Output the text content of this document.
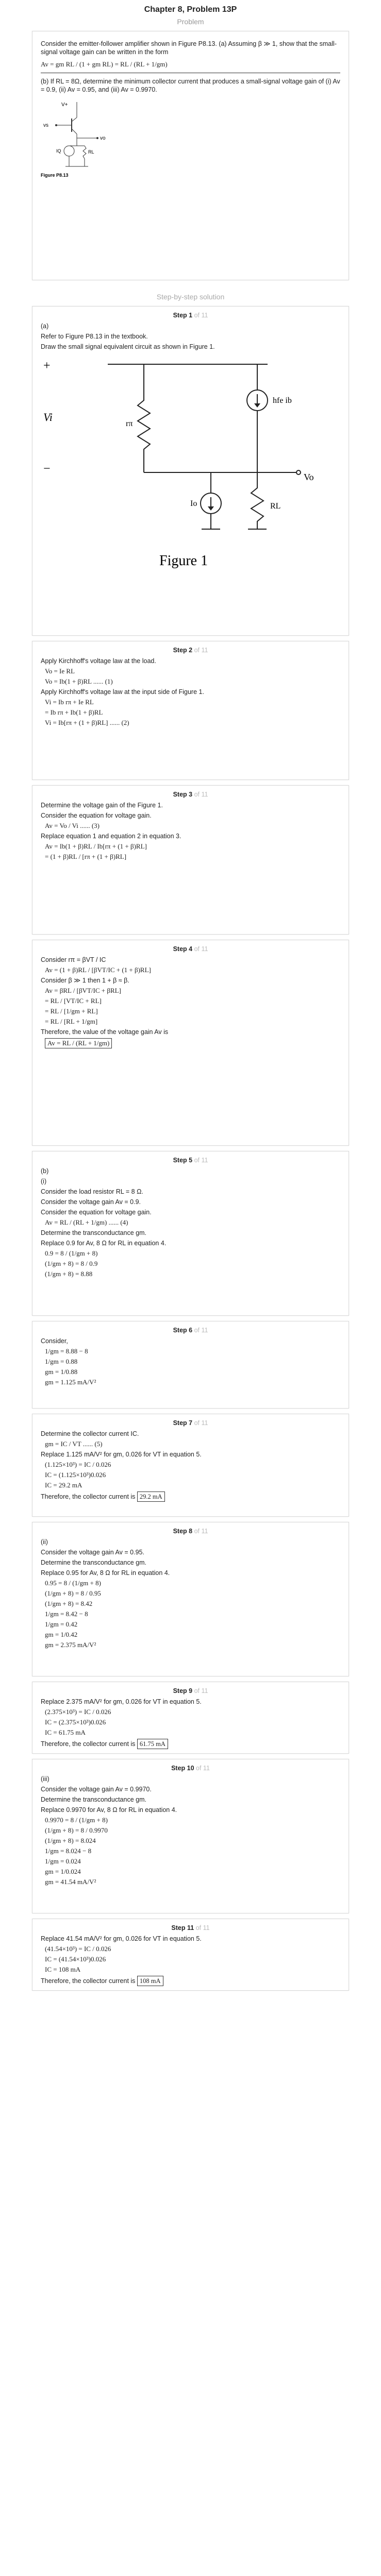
Chapter 8, Problem 13P
Problem
Consider the emitter-follower amplifier shown in Figure P8.13. (a) Assuming β ≫ 1, show that the small-signal voltage gain can be written in the form
Av = gm RL / (1 + gm RL) = RL / (RL + 1/gm)
(b) If RL = 8Ω, determine the minimum collector current that produces a small-signal voltage gain of (i) Av = 0.9, (ii) Av = 0.95, and (iii) Av = 0.9970.
V+
vs
vo
IQ	RL
Figure P8.13
Step-by-step solution
Step 1 of 11
(a)
Refer to Figure P8.13 in the textbook.
Draw the small signal equivalent circuit as shown in Figure 1.
+
Vi
−
rπ
hfe ib
Vo
Io	RL
Figure 1
Step 2 of 11
Apply Kirchhoff's voltage law at the load.
Vo = Ie RL
Vo = Ib(1 + β)RL ...... (1)
Apply Kirchhoff's voltage law at the input side of Figure 1.
Vi = Ib rπ + Ie RL
= Ib rπ + Ib(1 + β)RL
Vi = Ib[rπ + (1 + β)RL] ...... (2)
Step 3 of 11
Determine the voltage gain of the Figure 1.
Consider the equation for voltage gain.
Av = Vo / Vi ...... (3)
Replace equation 1 and equation 2 in equation 3.
Av = Ib(1 + β)RL / Ib[rπ + (1 + β)RL]
= (1 + β)RL / [rπ + (1 + β)RL]
Step 4 of 11
Consider rπ = βVT / IC
Av = (1 + β)RL / [βVT/IC + (1 + β)RL]
Consider β ≫ 1 then 1 + β ≈ β.
Av = βRL / [βVT/IC + βRL]
= RL / [VT/IC + RL]
= RL / [1/gm + RL]
= RL / [RL + 1/gm]
Therefore, the value of the voltage gain Av is
Av = RL / (RL + 1/gm)
Step 5 of 11
(b)
(i)
Consider the load resistor RL = 8 Ω.
Consider the voltage gain Av = 0.9.
Consider the equation for voltage gain.
Av = RL / (RL + 1/gm) ...... (4)
Determine the transconductance gm.
Replace 0.9 for Av, 8 Ω for RL in equation 4.
0.9 = 8 / (1/gm + 8)
(1/gm + 8) = 8 / 0.9
(1/gm + 8) = 8.88
Step 6 of 11
Consider,
1/gm = 8.88 − 8
1/gm = 0.88
gm = 1/0.88
gm = 1.125 mA/V²
Step 7 of 11
Determine the collector current IC.
gm = IC / VT ...... (5)
Replace 1.125 mA/V² for gm, 0.026 for VT in equation 5.
(1.125×10³) = IC / 0.026
IC = (1.125×10³)0.026
IC = 29.2 mA
Therefore, the collector current is 29.2 mA
Step 8 of 11
(ii)
Consider the voltage gain Av = 0.95.
Determine the transconductance gm.
Replace 0.95 for Av, 8 Ω for RL in equation 4.
0.95 = 8 / (1/gm + 8)
(1/gm + 8) = 8 / 0.95
(1/gm + 8) = 8.42
1/gm = 8.42 − 8
1/gm = 0.42
gm = 1/0.42
gm = 2.375 mA/V²
Step 9 of 11
Replace 2.375 mA/V² for gm, 0.026 for VT in equation 5.
(2.375×10³) = IC / 0.026
IC = (2.375×10³)0.026
IC = 61.75 mA
Therefore, the collector current is 61.75 mA
Step 10 of 11
(iii)
Consider the voltage gain Av = 0.9970.
Determine the transconductance gm.
Replace 0.9970 for Av, 8 Ω for RL in equation 4.
0.9970 = 8 / (1/gm + 8)
(1/gm + 8) = 8 / 0.9970
(1/gm + 8) = 8.024
1/gm = 8.024 − 8
1/gm = 0.024
gm = 1/0.024
gm = 41.54 mA/V²
Step 11 of 11
Replace 41.54 mA/V² for gm, 0.026 for VT in equation 5.
(41.54×10³) = IC / 0.026
IC = (41.54×10³)0.026
IC = 108 mA
Therefore, the collector current is 108 mA
